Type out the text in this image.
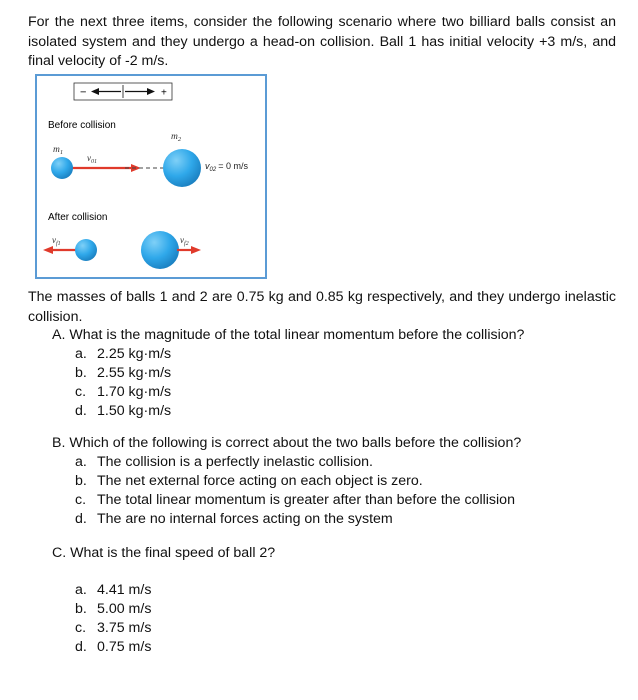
For the next three items, consider the following scenario where two billiard balls consist an isolated system and they undergo a head-on collision. Ball 1 has initial velocity +3 m/s, and final velocity of -2 m/s.
−	+
Before collision
$m_2$
$m_1$
$v_{01}$	$v_{02} = 0$ m/s
After collision
$v_{f1}$	$v_{f2}$
The masses of balls 1 and 2 are 0.75 kg and 0.85 kg respectively, and they undergo inelastic collision.
A. What is the magnitude of the total linear momentum before the collision?
a. 2.25 kg·m/s
b. 2.55 kg·m/s
c. 1.70 kg·m/s
d. 1.50 kg·m/s
B. Which of the following is correct about the two balls before the collision?
a. The collision is a perfectly inelastic collision.
b. The net external force acting on each object is zero.
c. The total linear momentum is greater after than before the collision
d. The are no internal forces acting on the system
C. What is the final speed of ball 2?
a. 4.41 m/s
b. 5.00 m/s
c. 3.75 m/s
d. 0.75 m/s
